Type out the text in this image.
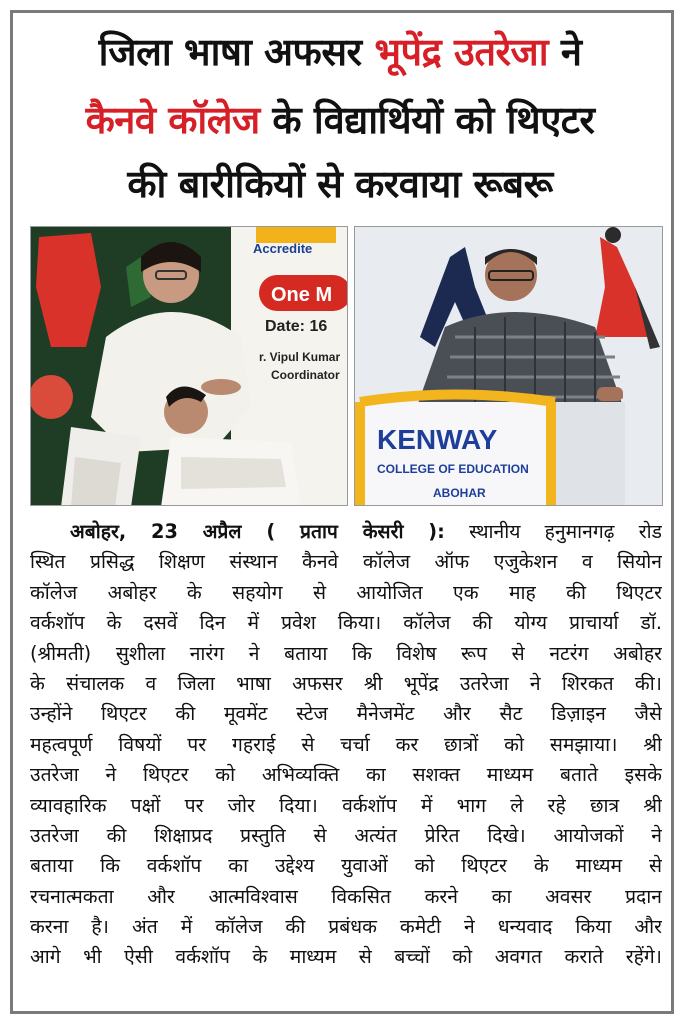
जिला भाषा अफसर भूपेंद्र उतरेजा ने
कैनवे कॉलेज के विद्यार्थियों को थिएटर
की बारीकियों से करवाया रूबरू
Accredite
One M
Date: 16
r. Vipul Kumar
Coordinator
KENWAY
COLLEGE OF EDUCATION
ABOHAR
अबोहर, 23 अप्रैल ( प्रताप केसरी ): स्थानीय हनुमानगढ़ रोड
स्थित प्रसिद्ध शिक्षण संस्थान कैनवे कॉलेज ऑफ एजुकेशन व सियोन
कॉलेज अबोहर के सहयोग से आयोजित एक माह की थिएटर
वर्कशॉप के दसवें दिन में प्रवेश किया। कॉलेज की योग्य प्राचार्या डॉ.
(श्रीमती) सुशीला नारंग ने बताया कि विशेष रूप से नटरंग अबोहर
के संचालक व जिला भाषा अफसर श्री भूपेंद्र उतरेजा ने शिरकत की।
उन्होंने थिएटर की मूवमेंट स्टेज मैनेजमेंट और सैट डिज़ाइन जैसे
महत्वपूर्ण विषयों पर गहराई से चर्चा कर छात्रों को समझाया। श्री
उतरेजा ने थिएटर को अभिव्यक्ति का सशक्त माध्यम बताते इसके
व्यावहारिक पक्षों पर जोर दिया। वर्कशॉप में भाग ले रहे छात्र श्री
उतरेजा की शिक्षाप्रद प्रस्तुति से अत्यंत प्रेरित दिखे। आयोजकों ने
बताया कि वर्कशॉप का उद्देश्य युवाओं को थिएटर के माध्यम से
रचनात्मकता और आत्मविश्वास विकसित करने का अवसर प्रदान
करना है। अंत में कॉलेज की प्रबंधक कमेटी ने धन्यवाद किया और
आगे भी ऐसी वर्कशॉप के माध्यम से बच्चों को अवगत कराते रहेंगे।
